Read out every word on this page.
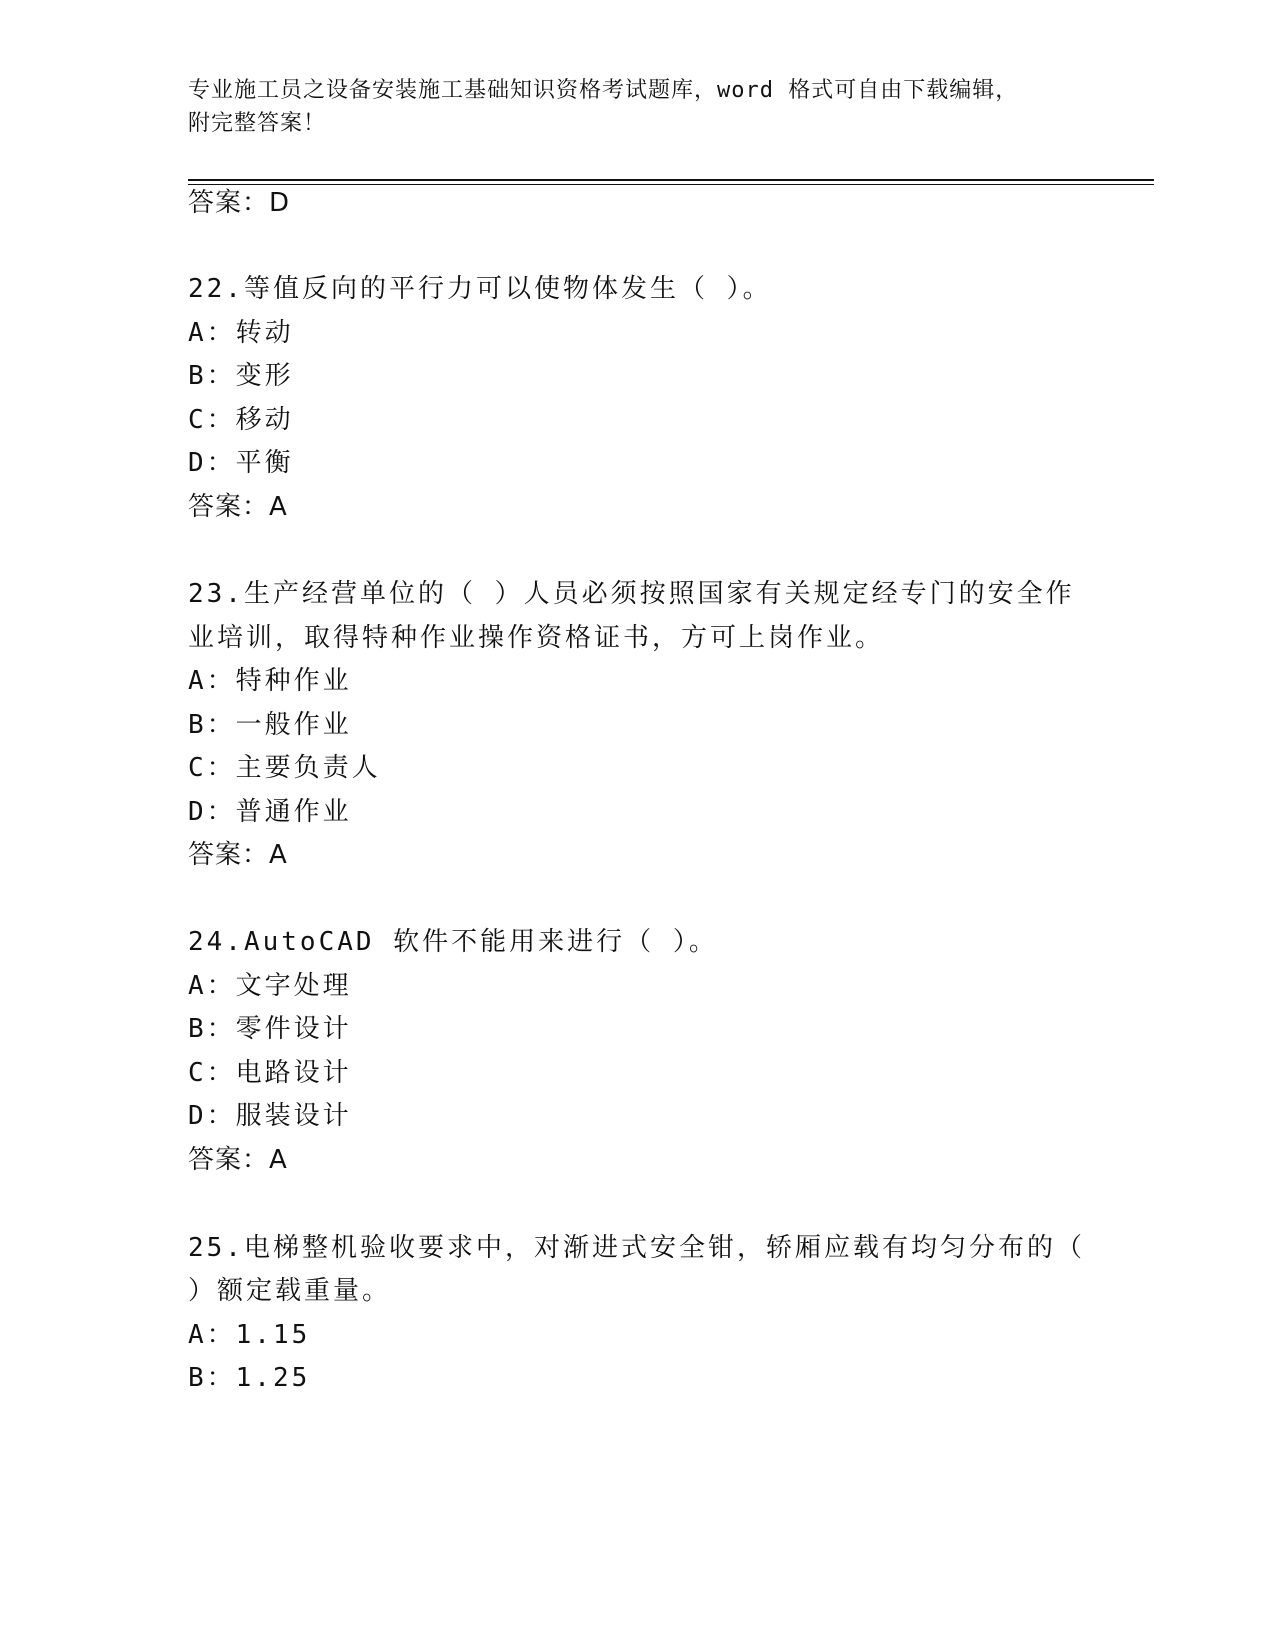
专业施工员之设备安装施工基础知识资格考试题库，word 格式可自由下载编辑，
附完整答案！
答案：D
22.等值反向的平行力可以使物体发生（ ）。
A：转动
B：变形
C：移动
D：平衡
答案：A
23.生产经营单位的（ ）人员必须按照国家有关规定经专门的安全作
业培训，取得特种作业操作资格证书，方可上岗作业。
A：特种作业
B：一般作业
C：主要负责人
D：普通作业
答案：A
24.AutoCAD 软件不能用来进行（ ）。
A：文字处理
B：零件设计
C：电路设计
D：服装设计
答案：A
25.电梯整机验收要求中，对渐进式安全钳，轿厢应载有均匀分布的（
）额定载重量。
A：1.15
B：1.25
